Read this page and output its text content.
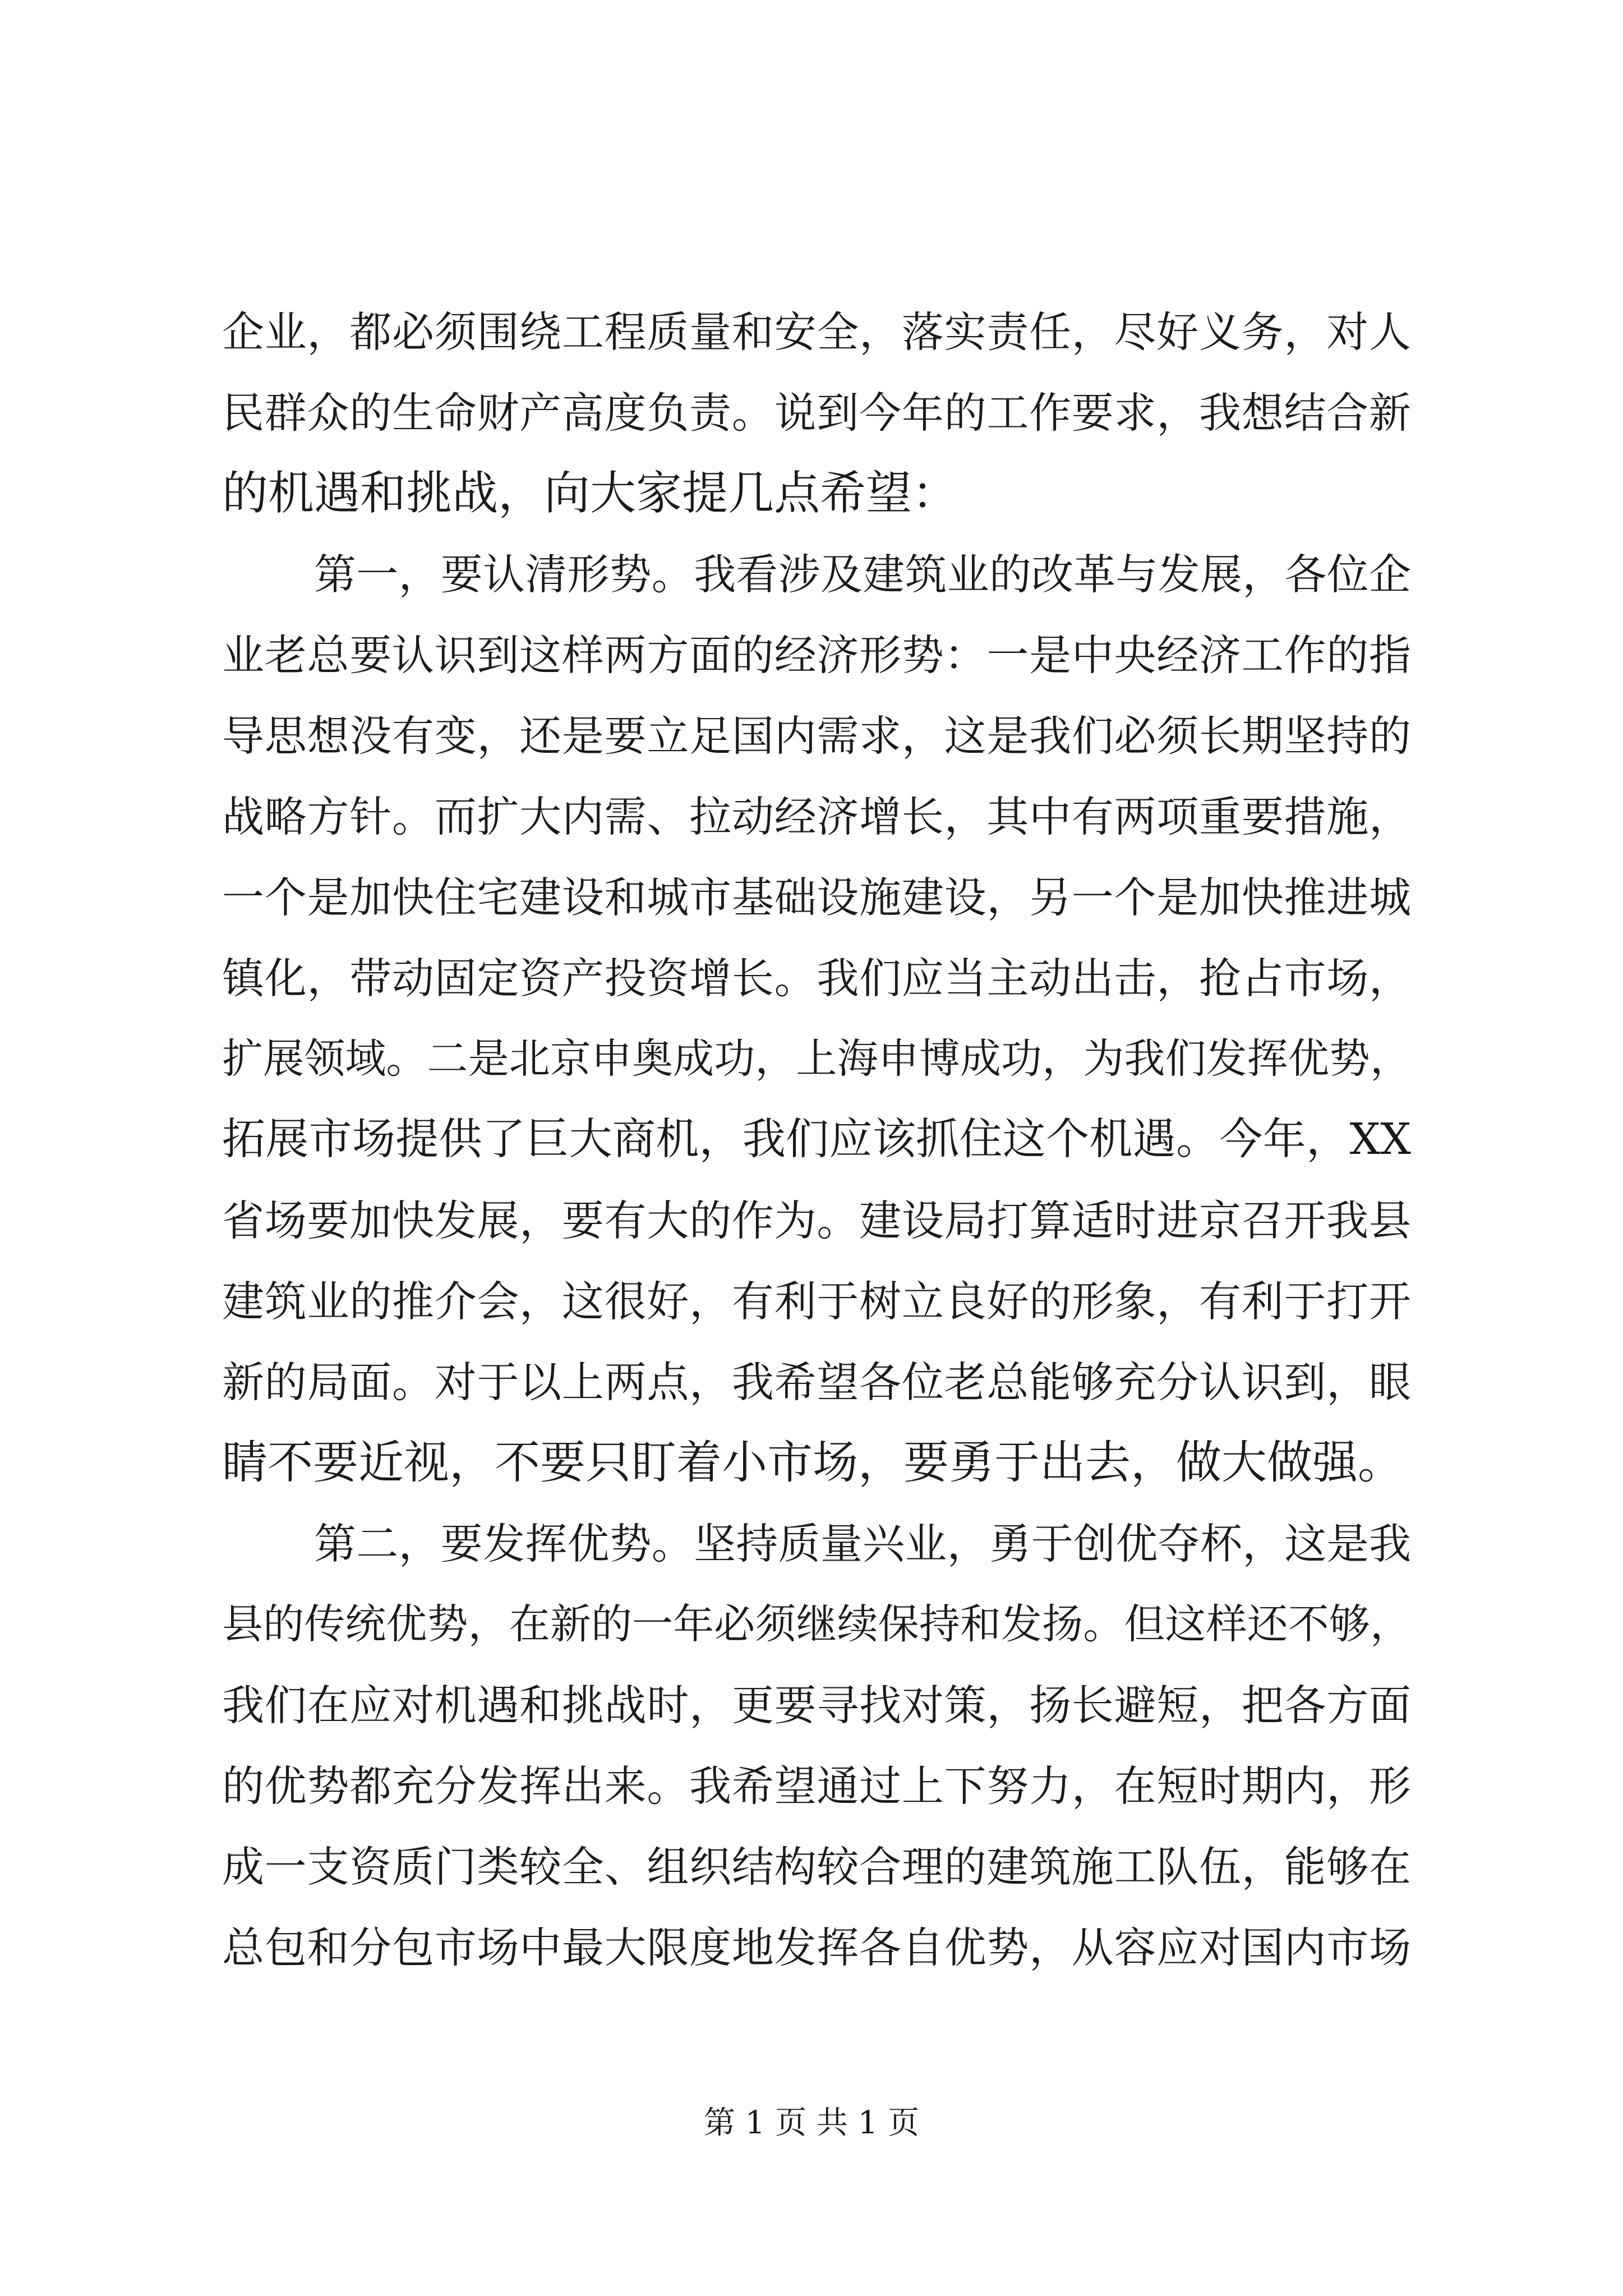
企业，都必须围绕工程质量和安全，落实责任，尽好义务，对人
民群众的生命财产高度负责。说到今年的工作要求，我想结合新
的机遇和挑战，向大家提几点希望：
第一，要认清形势。我看涉及建筑业的改革与发展，各位企
业老总要认识到这样两方面的经济形势：一是中央经济工作的指
导思想没有变，还是要立足国内需求，这是我们必须长期坚持的
战略方针。而扩大内需、拉动经济增长，其中有两项重要措施，
一个是加快住宅建设和城市基础设施建设，另一个是加快推进城
镇化，带动固定资产投资增长。我们应当主动出击，抢占市场，
扩展领域。二是北京申奥成功，上海申博成功，为我们发挥优势，
拓展市场提供了巨大商机，我们应该抓住这个机遇。今年，XX
省场要加快发展，要有大的作为。建设局打算适时进京召开我县
建筑业的推介会，这很好，有利于树立良好的形象，有利于打开
新的局面。对于以上两点，我希望各位老总能够充分认识到，眼
睛不要近视，不要只盯着小市场，要勇于出去，做大做强。
第二，要发挥优势。坚持质量兴业，勇于创优夺杯，这是我
县的传统优势，在新的一年必须继续保持和发扬。但这样还不够，
我们在应对机遇和挑战时，更要寻找对策，扬长避短，把各方面
的优势都充分发挥出来。我希望通过上下努力，在短时期内，形
成一支资质门类较全、组织结构较合理的建筑施工队伍，能够在
总包和分包市场中最大限度地发挥各自优势，从容应对国内市场
第 1 页 共 1 页
